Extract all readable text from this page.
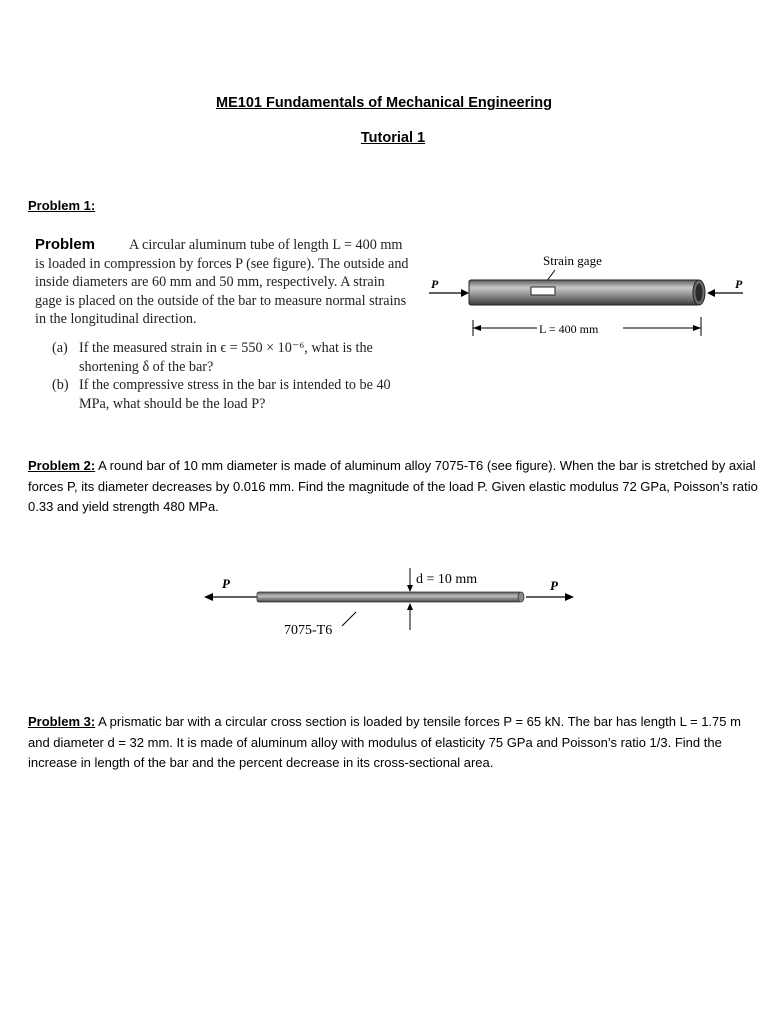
ME101 Fundamentals of Mechanical Engineering
Tutorial 1
Problem 1:

Problem A circular aluminum tube of length L = 400 mm is loaded in compression by forces P (see figure). The outside and inside diameters are 60 mm and 50 mm, respectively. A strain gage is placed on the outside of the bar to measure normal strains in the longitudinal direction.

(a) If the measured strain in ϵ = 550 × 10⁻⁶, what is the shortening δ of the bar?
(b) If the compressive stress in the bar is intended to be 40 MPa, what should be the load P?
Strain gage
P	P
L = 400 mm
Problem 2: A round bar of 10 mm diameter is made of aluminum alloy 7075-T6 (see figure). When the bar is stretched by axial forces P, its diameter decreases by 0.016 mm. Find the magnitude of the load P. Given elastic modulus 72 GPa, Poisson’s ratio 0.33 and yield strength 480 MPa.
P	P
d = 10 mm
7075-T6
Problem 3: A prismatic bar with a circular cross section is loaded by tensile forces P = 65 kN. The bar has length L = 1.75 m and diameter d = 32 mm. It is made of aluminum alloy with modulus of elasticity 75 GPa and Poisson’s ratio 1/3. Find the increase in length of the bar and the percent decrease in its cross-sectional area.
